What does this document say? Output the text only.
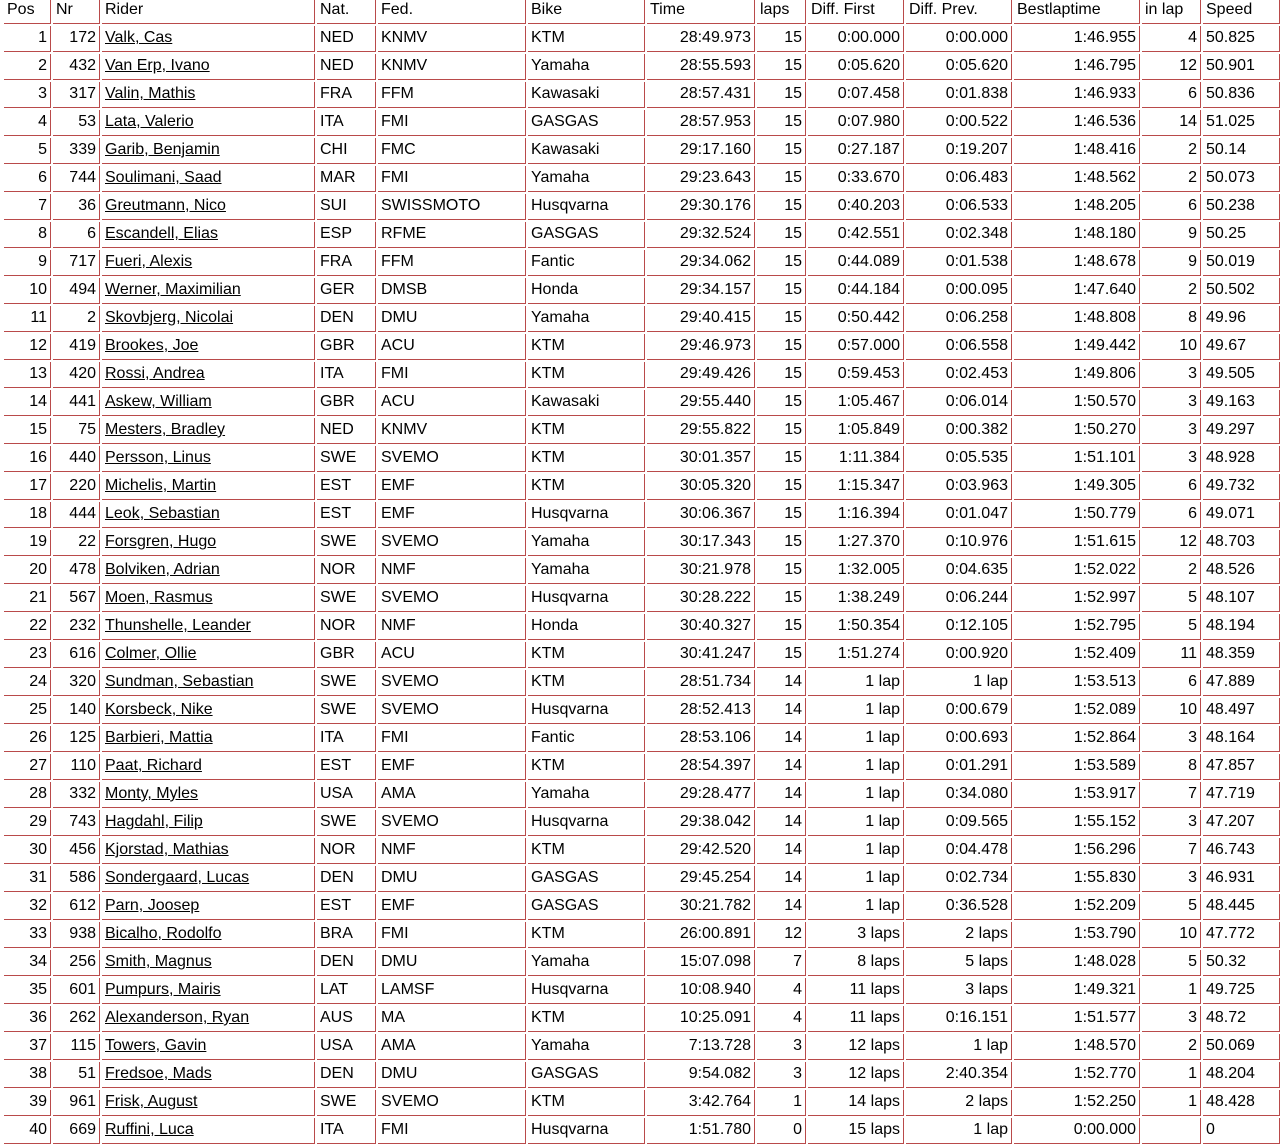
Pos	Nr	Rider	Nat.	Fed.	Bike	Time	laps	Diff. First	Diff. Prev.	Bestlaptime	in lap	Speed
1	172	Valk, Cas	NED	KNMV	KTM	28:49.973	15	0:00.000	0:00.000	1:46.955	4	50.825
2	432	Van Erp, Ivano	NED	KNMV	Yamaha	28:55.593	15	0:05.620	0:05.620	1:46.795	12	50.901
3	317	Valin, Mathis	FRA	FFM	Kawasaki	28:57.431	15	0:07.458	0:01.838	1:46.933	6	50.836
4	53	Lata, Valerio	ITA	FMI	GASGAS	28:57.953	15	0:07.980	0:00.522	1:46.536	14	51.025
5	339	Garib, Benjamin	CHI	FMC	Kawasaki	29:17.160	15	0:27.187	0:19.207	1:48.416	2	50.14
6	744	Soulimani, Saad	MAR	FMI	Yamaha	29:23.643	15	0:33.670	0:06.483	1:48.562	2	50.073
7	36	Greutmann, Nico	SUI	SWISSMOTO	Husqvarna	29:30.176	15	0:40.203	0:06.533	1:48.205	6	50.238
8	6	Escandell, Elias	ESP	RFME	GASGAS	29:32.524	15	0:42.551	0:02.348	1:48.180	9	50.25
9	717	Fueri, Alexis	FRA	FFM	Fantic	29:34.062	15	0:44.089	0:01.538	1:48.678	9	50.019
10	494	Werner, Maximilian	GER	DMSB	Honda	29:34.157	15	0:44.184	0:00.095	1:47.640	2	50.502
11	2	Skovbjerg, Nicolai	DEN	DMU	Yamaha	29:40.415	15	0:50.442	0:06.258	1:48.808	8	49.96
12	419	Brookes, Joe	GBR	ACU	KTM	29:46.973	15	0:57.000	0:06.558	1:49.442	10	49.67
13	420	Rossi, Andrea	ITA	FMI	KTM	29:49.426	15	0:59.453	0:02.453	1:49.806	3	49.505
14	441	Askew, William	GBR	ACU	Kawasaki	29:55.440	15	1:05.467	0:06.014	1:50.570	3	49.163
15	75	Mesters, Bradley	NED	KNMV	KTM	29:55.822	15	1:05.849	0:00.382	1:50.270	3	49.297
16	440	Persson, Linus	SWE	SVEMO	KTM	30:01.357	15	1:11.384	0:05.535	1:51.101	3	48.928
17	220	Michelis, Martin	EST	EMF	KTM	30:05.320	15	1:15.347	0:03.963	1:49.305	6	49.732
18	444	Leok, Sebastian	EST	EMF	Husqvarna	30:06.367	15	1:16.394	0:01.047	1:50.779	6	49.071
19	22	Forsgren, Hugo	SWE	SVEMO	Yamaha	30:17.343	15	1:27.370	0:10.976	1:51.615	12	48.703
20	478	Bolviken, Adrian	NOR	NMF	Yamaha	30:21.978	15	1:32.005	0:04.635	1:52.022	2	48.526
21	567	Moen, Rasmus	SWE	SVEMO	Husqvarna	30:28.222	15	1:38.249	0:06.244	1:52.997	5	48.107
22	232	Thunshelle, Leander	NOR	NMF	Honda	30:40.327	15	1:50.354	0:12.105	1:52.795	5	48.194
23	616	Colmer, Ollie	GBR	ACU	KTM	30:41.247	15	1:51.274	0:00.920	1:52.409	11	48.359
24	320	Sundman, Sebastian	SWE	SVEMO	KTM	28:51.734	14	1 lap	1 lap	1:53.513	6	47.889
25	140	Korsbeck, Nike	SWE	SVEMO	Husqvarna	28:52.413	14	1 lap	0:00.679	1:52.089	10	48.497
26	125	Barbieri, Mattia	ITA	FMI	Fantic	28:53.106	14	1 lap	0:00.693	1:52.864	3	48.164
27	110	Paat, Richard	EST	EMF	KTM	28:54.397	14	1 lap	0:01.291	1:53.589	8	47.857
28	332	Monty, Myles	USA	AMA	Yamaha	29:28.477	14	1 lap	0:34.080	1:53.917	7	47.719
29	743	Hagdahl, Filip	SWE	SVEMO	Husqvarna	29:38.042	14	1 lap	0:09.565	1:55.152	3	47.207
30	456	Kjorstad, Mathias	NOR	NMF	KTM	29:42.520	14	1 lap	0:04.478	1:56.296	7	46.743
31	586	Sondergaard, Lucas	DEN	DMU	GASGAS	29:45.254	14	1 lap	0:02.734	1:55.830	3	46.931
32	612	Parn, Joosep	EST	EMF	GASGAS	30:21.782	14	1 lap	0:36.528	1:52.209	5	48.445
33	938	Bicalho, Rodolfo	BRA	FMI	KTM	26:00.891	12	3 laps	2 laps	1:53.790	10	47.772
34	256	Smith, Magnus	DEN	DMU	Yamaha	15:07.098	7	8 laps	5 laps	1:48.028	5	50.32
35	601	Pumpurs, Mairis	LAT	LAMSF	Husqvarna	10:08.940	4	11 laps	3 laps	1:49.321	1	49.725
36	262	Alexanderson, Ryan	AUS	MA	KTM	10:25.091	4	11 laps	0:16.151	1:51.577	3	48.72
37	115	Towers, Gavin	USA	AMA	Yamaha	7:13.728	3	12 laps	1 lap	1:48.570	2	50.069
38	51	Fredsoe, Mads	DEN	DMU	GASGAS	9:54.082	3	12 laps	2:40.354	1:52.770	1	48.204
39	961	Frisk, August	SWE	SVEMO	KTM	3:42.764	1	14 laps	2 laps	1:52.250	1	48.428
40	669	Ruffini, Luca	ITA	FMI	Husqvarna	1:51.780	0	15 laps	1 lap	0:00.000		0
